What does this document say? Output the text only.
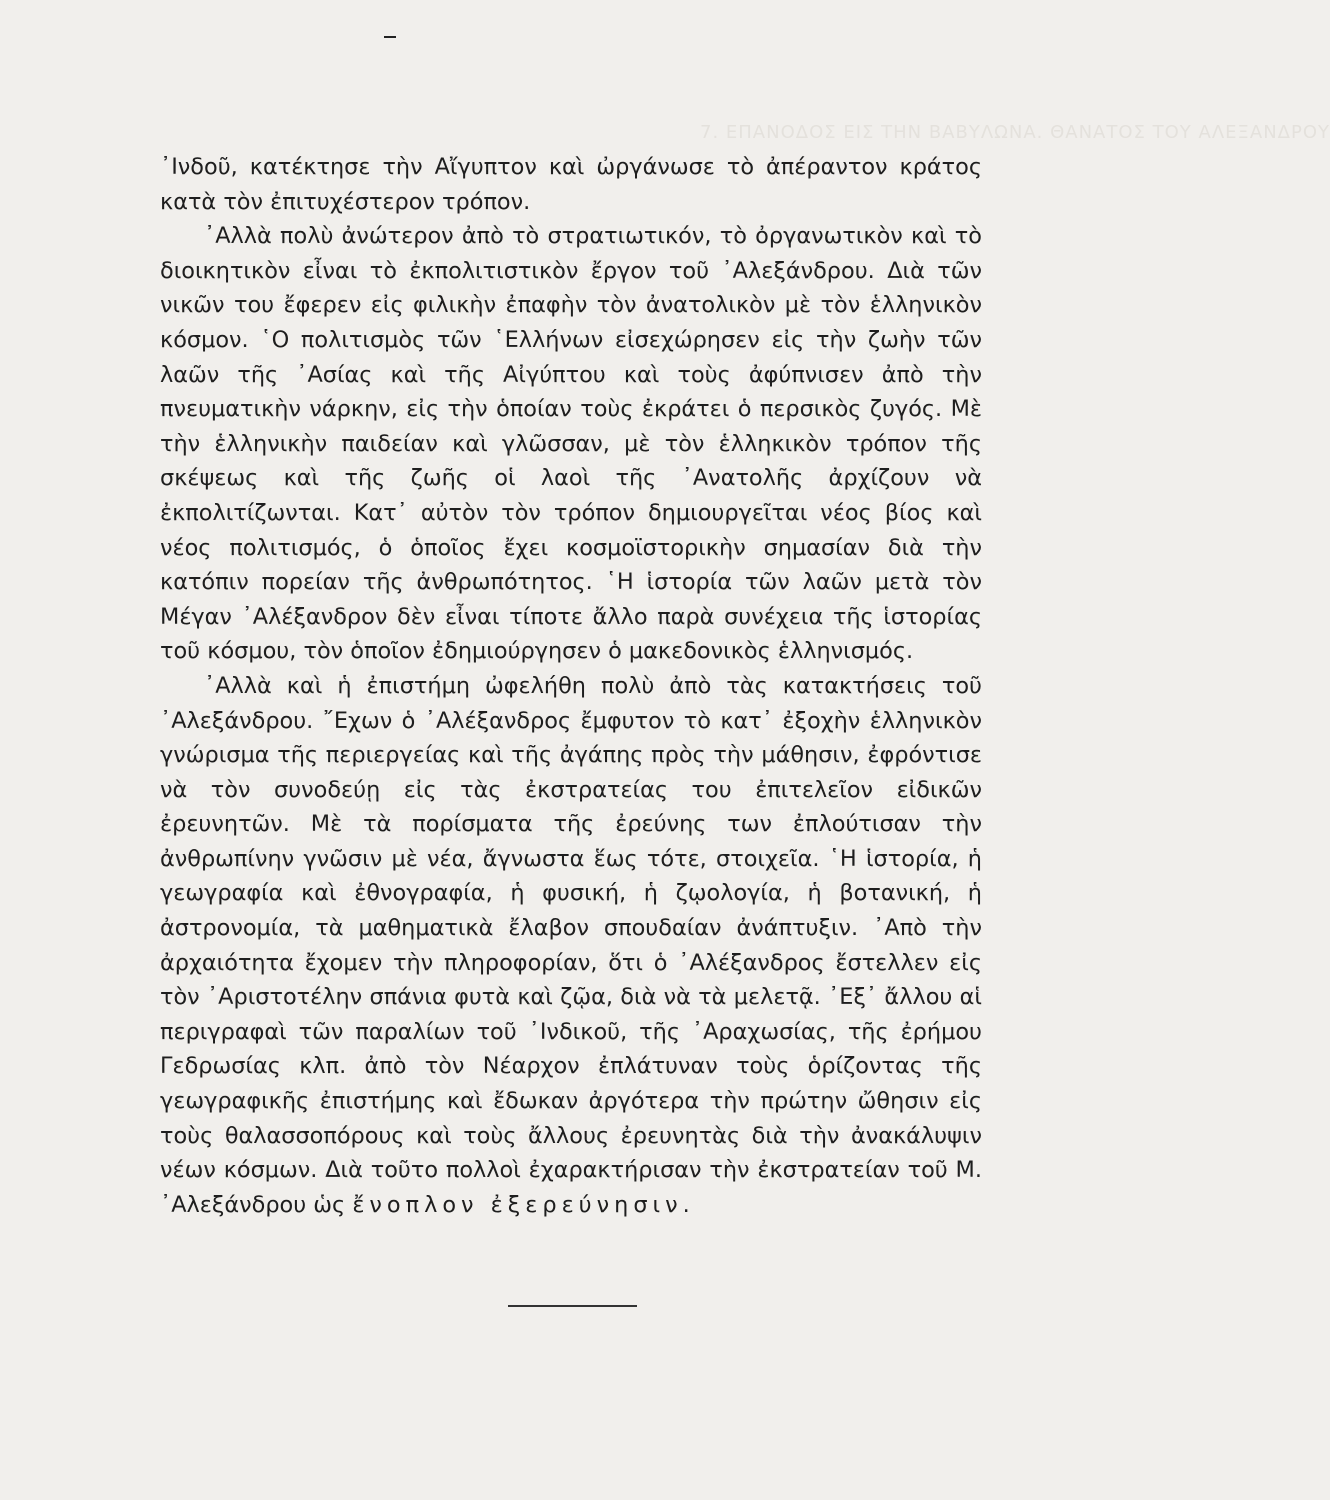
7. ΕΠΑΝΟΔΟΣ ΕΙΣ ΤΗΝ ΒΑΒΥΛΩΝΑ. ΘΑΝΑΤΟΣ ΤΟΥ ΑΛΕΞΑΝΔΡΟΥ

᾿Ινδοῦ, κατέκτησε τὴν Αἴγυπτον καὶ ὠργάνωσε τὸ ἀπέραντον κράτος κατὰ τὸν ἐπιτυχέστερον τρόπον.

᾿Αλλὰ πολὺ ἀνώτερον ἀπὸ τὸ στρατιωτικόν, τὸ ὀργανωτικὸν καὶ τὸ διοικητικὸν εἶναι τὸ ἐκπολιτιστικὸν ἔργον τοῦ ᾿Αλεξάνδρου. Διὰ τῶν νικῶν του ἔφερεν εἰς φιλικὴν ἐπαφὴν τὸν ἀνατολικὸν μὲ τὸν ἑλληνικὸν κόσμον. ῾Ο πολιτισμὸς τῶν ῾Ελλήνων εἰσεχώρησεν εἰς τὴν ζωὴν τῶν λαῶν τῆς ᾿Ασίας καὶ τῆς Αἰγύπτου καὶ τοὺς ἀφύπνισεν ἀπὸ τὴν πνευματικὴν νάρκην, εἰς τὴν ὁποίαν τοὺς ἐκράτει ὁ περσικὸς ζυγός. Μὲ τὴν ἑλληνικὴν παιδείαν καὶ γλῶσσαν, μὲ τὸν ἑλληκικὸν τρόπον τῆς σκέψεως καὶ τῆς ζωῆς οἱ λαοὶ τῆς ᾿Ανατολῆς ἀρχίζουν νὰ ἐκπολιτίζωνται. Κατ᾿ αὐτὸν τὸν τρόπον δημιουργεῖται νέος βίος καὶ νέος πολιτισμός, ὁ ὁποῖος ἔχει κοσμοϊστορικὴν σημασίαν διὰ τὴν κατόπιν πορείαν τῆς ἀνθρωπότητος. ῾Η ἱστορία τῶν λαῶν μετὰ τὸν Μέγαν ᾿Αλέξανδρον δὲν εἶναι τίποτε ἄλλο παρὰ συνέχεια τῆς ἱστορίας τοῦ κόσμου, τὸν ὁποῖον ἐδημιούργησεν ὁ μακεδονικὸς ἑλληνισμός.

᾿Αλλὰ καὶ ἡ ἐπιστήμη ὠφελήθη πολὺ ἀπὸ τὰς κατακτήσεις τοῦ ᾿Αλεξάνδρου. ῎Εχων ὁ ᾿Αλέξανδρος ἔμφυτον τὸ κατ᾿ ἐξοχὴν ἑλληνικὸν γνώρισμα τῆς περιεργείας καὶ τῆς ἀγάπης πρὸς τὴν μάθησιν, ἐφρόντισε νὰ τὸν συνοδεύῃ εἰς τὰς ἐκστρατείας του ἐπιτελεῖον εἰδικῶν ἐρευνητῶν. Μὲ τὰ πορίσματα τῆς ἐρεύνης των ἐπλούτισαν τὴν ἀνθρωπίνην γνῶσιν μὲ νέα, ἄγνωστα ἕως τότε, στοιχεῖα. ῾Η ἱστορία, ἡ γεωγραφία καὶ ἐθνογραφία, ἡ φυσική, ἡ ζῳολογία, ἡ βοτανική, ἡ ἀστρονομία, τὰ μαθηματικὰ ἔλαβον σπουδαίαν ἀνάπτυξιν. ᾿Απὸ τὴν ἀρχαιότητα ἔχομεν τὴν πληροφορίαν, ὅτι ὁ ᾿Αλέξανδρος ἔστελλεν εἰς τὸν ᾿Αριστοτέλην σπάνια φυτὰ καὶ ζῷα, διὰ νὰ τὰ μελετᾷ. ᾿Εξ᾿ ἄλλου αἱ περιγραφαὶ τῶν παραλίων τοῦ ᾿Ινδικοῦ, τῆς ᾿Αραχωσίας, τῆς ἐρήμου Γεδρωσίας κλπ. ἀπὸ τὸν Νέαρχον ἐπλάτυναν τοὺς ὁρίζοντας τῆς γεωγραφικῆς ἐπιστήμης καὶ ἔδωκαν ἀργότερα τὴν πρώτην ὤθησιν εἰς τοὺς θαλασσοπόρους καὶ τοὺς ἄλλους ἐρευνητὰς διὰ τὴν ἀνακάλυψιν νέων κόσμων. Διὰ τοῦτο πολλοὶ ἐχαρακτήρισαν τὴν ἐκστρατείαν τοῦ Μ. ᾿Αλεξάνδρου ὡς ἔνοπλον ἐξερεύνησιν.
